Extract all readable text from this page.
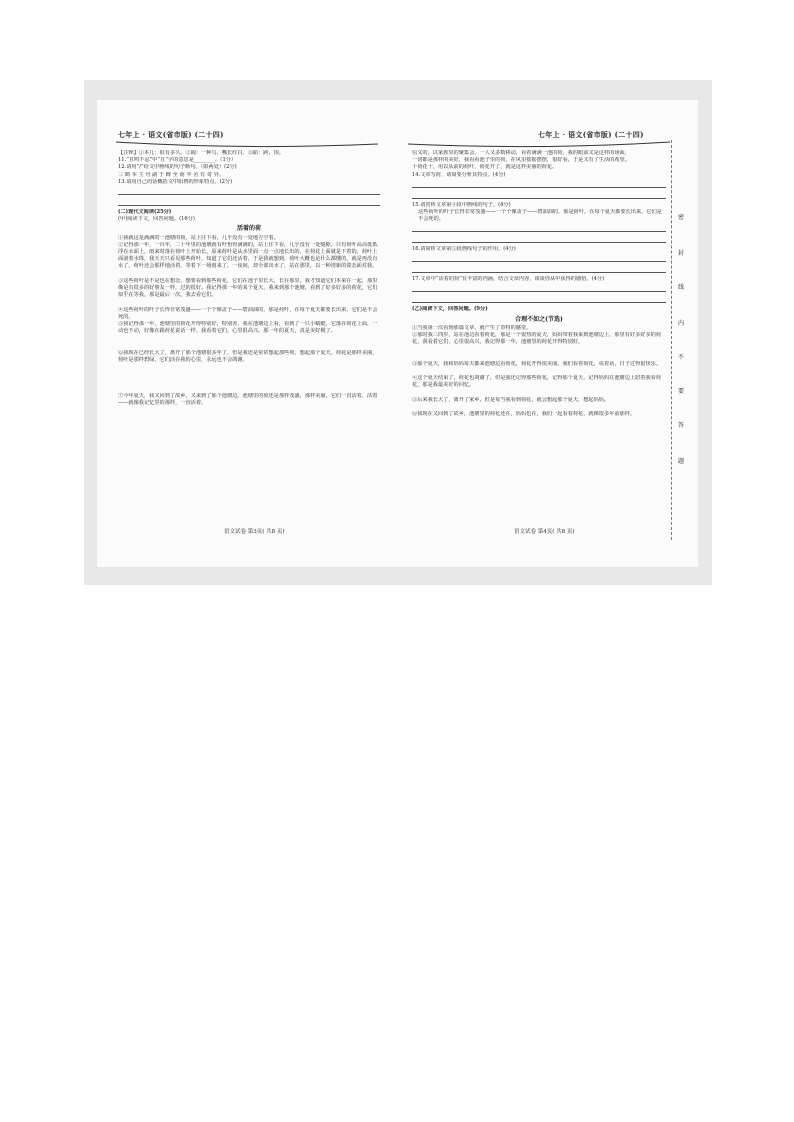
七年上 · 语文(省市版) (二十四)
【注释】①本儿：很有多久。②阔：一种乌，嘴长红白。③蹈：跨，围。
11.“且鸣不忍”中“且”字的意思是________。（1分）
12.请用“/”给文中画线的句子断句。（限两处）(2分)
三 鹤 本 主 舟 副 于 醉 至 而 卒 舍 有 奇 异。
13.请用自己的话概括文中阳鸦的形象特点。(2分)
(二)现代文阅读(25分)
(甲)阅读下文，回答问题。(16分)
活着的荷
①我就这是满满的一池塘的荷，站上往下看，几乎没有一处地方空着。
②记得那一年，一百年，二十年里的池塘就有叶怡得满满的，站上往下看，几乎没有一处缝隙，只有荷叶高高低低浮在水面上，雨来时落在荷叶上开始长，原来荷叶是从水里面一点一点地长出的，在荷花上面就是下着的，荷叶上面滚着水珠，我天天只看见那些荷叶，知道了它们还活着，于是我就想到，荷叶大概也是什么都懂的，就是再没有水了，荷叶还会那样地活着，等着下一场雨来了，一夜间，却全部出水了，站在那里，以一种清新的姿态面对我。
③这些荷叶是不是也在想念，想要看到那些荷花，它们在池子里长大，长在那里，我才知道它们本来在一起，那里像是有很多的好朋友一样，过的很好。我记得那一年的某个夏天，我来到那个池塘，看到了好多好多的荷花，它们似乎在等我，那是最后一次，我去看它们。
④这些荷叶的叶子长得非常茂盛——一个个像盖子——碧油油的，那是荷叶，在每个夏天都要长出来，它们是不会死的。
⑤我记得那一年，池塘里的荷花开得特别好，特别香，我在池塘边上看，看到了一只小蜻蜓，它落在荷花上面，一动也不动，好像在跟荷花说话一样。我看着它们，心里很高兴。那一年的夏天，真是美好极了。
⑥我现在已经长大了，离开了那个池塘很多年了，但是我还是常常想起那些荷，想起那个夏天。荷花是那样美丽，荷叶是那样碧绿，它们活在我的心里，永远也不会凋谢。
⑦今年夏天，我又回到了故乡，又来到了那个池塘边。池塘里的荷还是那样茂盛，那样美丽，它们一直活着，活着——就像我记忆里的那样，一直活着。
语文试卷 第3页( 共8 页)
七年上 · 语文(省市版) (二十四)
信义的，以家族里的聚集会，一人又多数移动，看着满满一池的荷，我的眼前又是这样的场面，
一切都是那样的美好，我看看池子里的荷，在风里摇摇摆摆，很好看，于是又有了生活的希望。
十荷花十，用以从前的荷叶，荷花开了，就是这样美丽的荷花。
14.文章写荷，请简要分析其特点。(4分)
15.请赏析文章第④段中画线的句子。(4分)
这些荷叶的叶子长得非常茂盛——一个个像盖子——碧油油的，那是荷叶，在每个夏天都要长出来，它们是不会死的。
16.请简析文章第⑤段画线句子的作用。(4分)
17.文章中“活着的荷”有丰富的内涵，结合文章内容，谈谈你从中获得的感悟。(4分)
(乙)阅读下文，回答问题。(9分)
合理不如之(节选)
①当我第一次看到那篇文章，就产生了奇特的感觉。
②那时我三四岁，站在池边看着荷花，那是一个很热的夏天，妈妈带着我来到池塘边上，那里有好多好多的荷花，我看着它们，心里很高兴，我记得那一年，池塘里的荷花开得特别好。
③那个夏天，我和妈妈每天都来池塘边看荷花，荷花开得很美丽，我们看着荷花，说着话，日子过得很快乐。
④这个夏天结束了，荷花也凋谢了，但是我还记得那些荷花，记得那个夏天，记得妈妈在池塘边上陪着我看荷花，那是我最美好的回忆。
⑤后来我长大了，离开了家乡，但是每当我看到荷花，就会想起那个夏天，想起妈妈。
⑥我现在又回到了故乡，池塘里的荷花还在，妈妈也在，我们一起看着荷花，就像很多年前那样。
语文试卷 第4页( 共8 页)
密
封
线
内
不
要
答
题
